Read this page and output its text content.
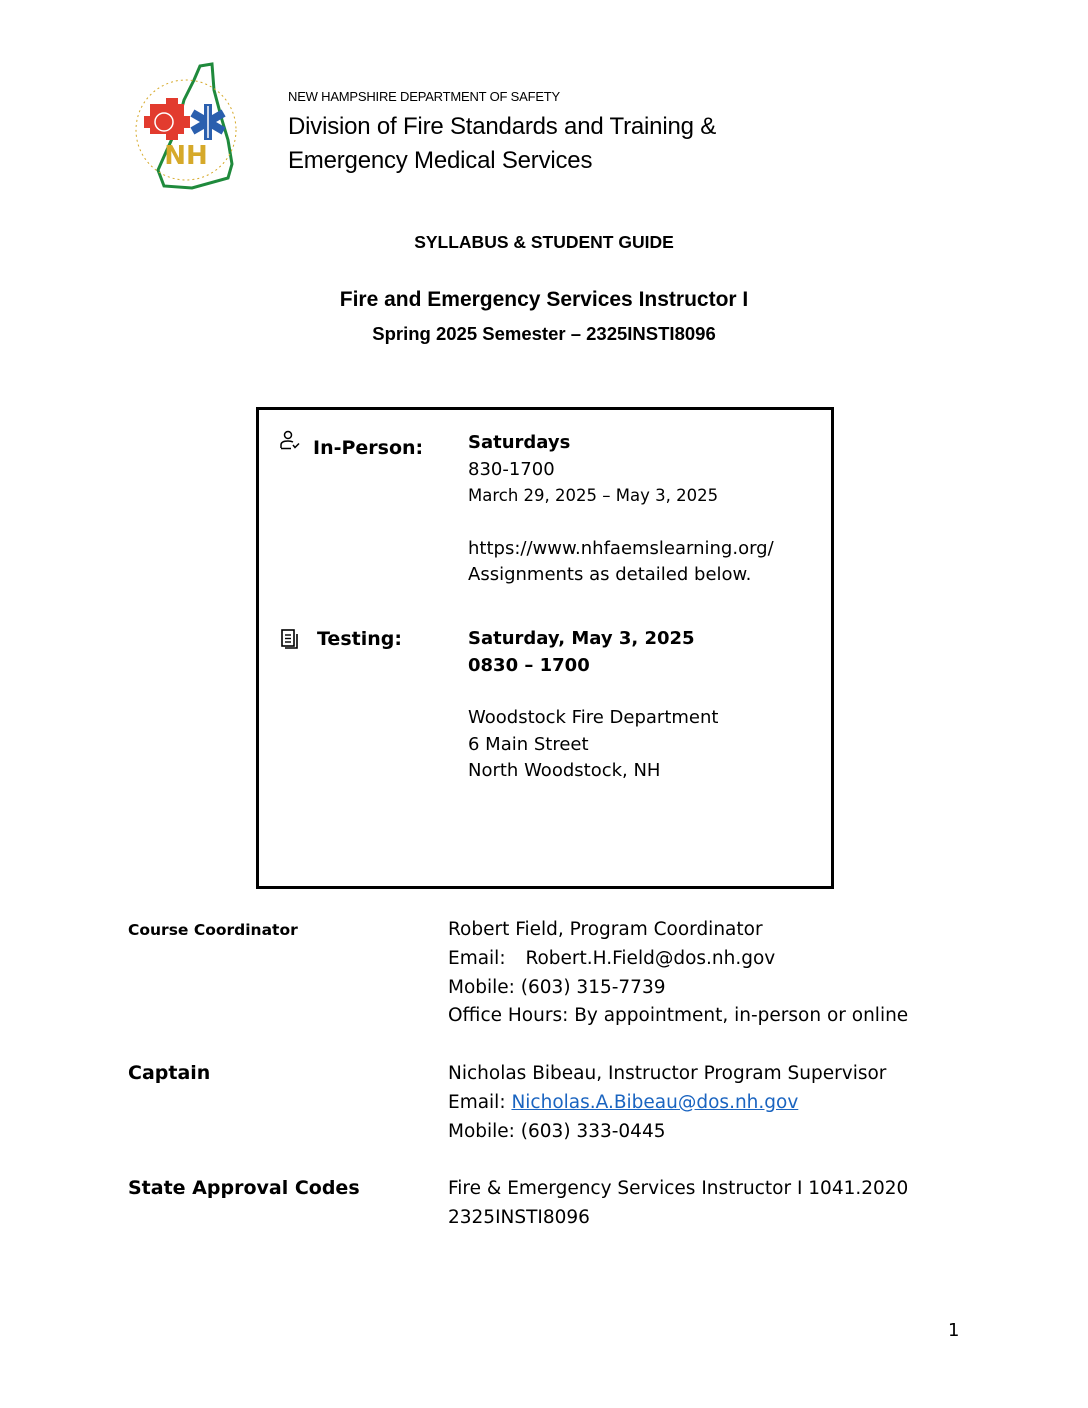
NH
NEW HAMPSHIRE DEPARTMENT OF SAFETY
Division of Fire Standards and Training &
Emergency Medical Services
SYLLABUS & STUDENT GUIDE
Fire and Emergency Services Instructor I
Spring 2025 Semester – 2325INSTI8096
In-Person: Saturdays
830-1700
March 29, 2025 – May 3, 2025
https://www.nhfaemslearning.org/
Assignments as detailed below.
Testing:	Saturday, May 3, 2025
0830 – 1700
Woodstock Fire Department
6 Main Street
North Woodstock, NH
Course Coordinator	Robert Field, Program Coordinator
Email: Robert.H.Field@dos.nh.gov
Mobile: (603) 315-7739
Office Hours: By appointment, in-person or online
Captain	Nicholas Bibeau, Instructor Program Supervisor
Email: Nicholas.A.Bibeau@dos.nh.gov
Mobile: (603) 333-0445
State Approval Codes	Fire & Emergency Services Instructor I 1041.2020
2325INSTI8096
1
